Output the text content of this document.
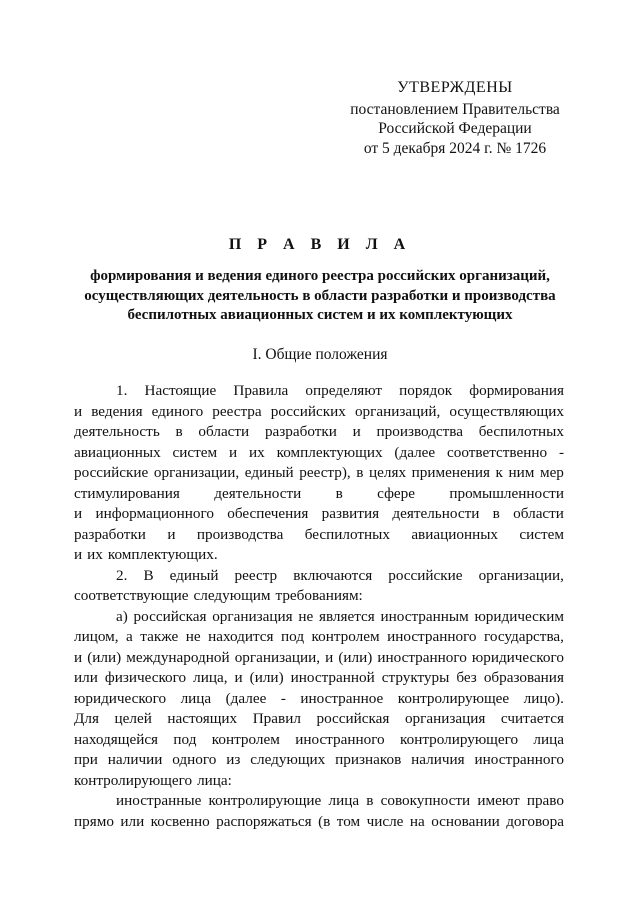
УТВЕРЖДЕНЫ
постановлением Правительства
Российской Федерации
от 5 декабря 2024 г. № 1726
П Р А В И Л А
формирования и ведения единого реестра российских организаций,
осуществляющих деятельность в области разработки и производства
беспилотных авиационных систем и их комплектующих
I. Общие положения
1. Настоящие Правила определяют порядок формирования
и ведения единого реестра российских организаций, осуществляющих
деятельность в области разработки и производства беспилотных
авиационных систем и их комплектующих (далее соответственно -
российские организации, единый реестр), в целях применения к ним мер
стимулирования деятельности в сфере промышленности
и информационного обеспечения развития деятельности в области
разработки и производства беспилотных авиационных систем
и их комплектующих.
2. В единый реестр включаются российские организации,
соответствующие следующим требованиям:
а) российская организация не является иностранным юридическим
лицом, а также не находится под контролем иностранного государства,
и (или) международной организации, и (или) иностранного юридического
или физического лица, и (или) иностранной структуры без образования
юридического лица (далее - иностранное контролирующее лицо).
Для целей настоящих Правил российская организация считается
находящейся под контролем иностранного контролирующего лица
при наличии одного из следующих признаков наличия иностранного
контролирующего лица:
иностранные контролирующие лица в совокупности имеют право
прямо или косвенно распоряжаться (в том числе на основании договора
